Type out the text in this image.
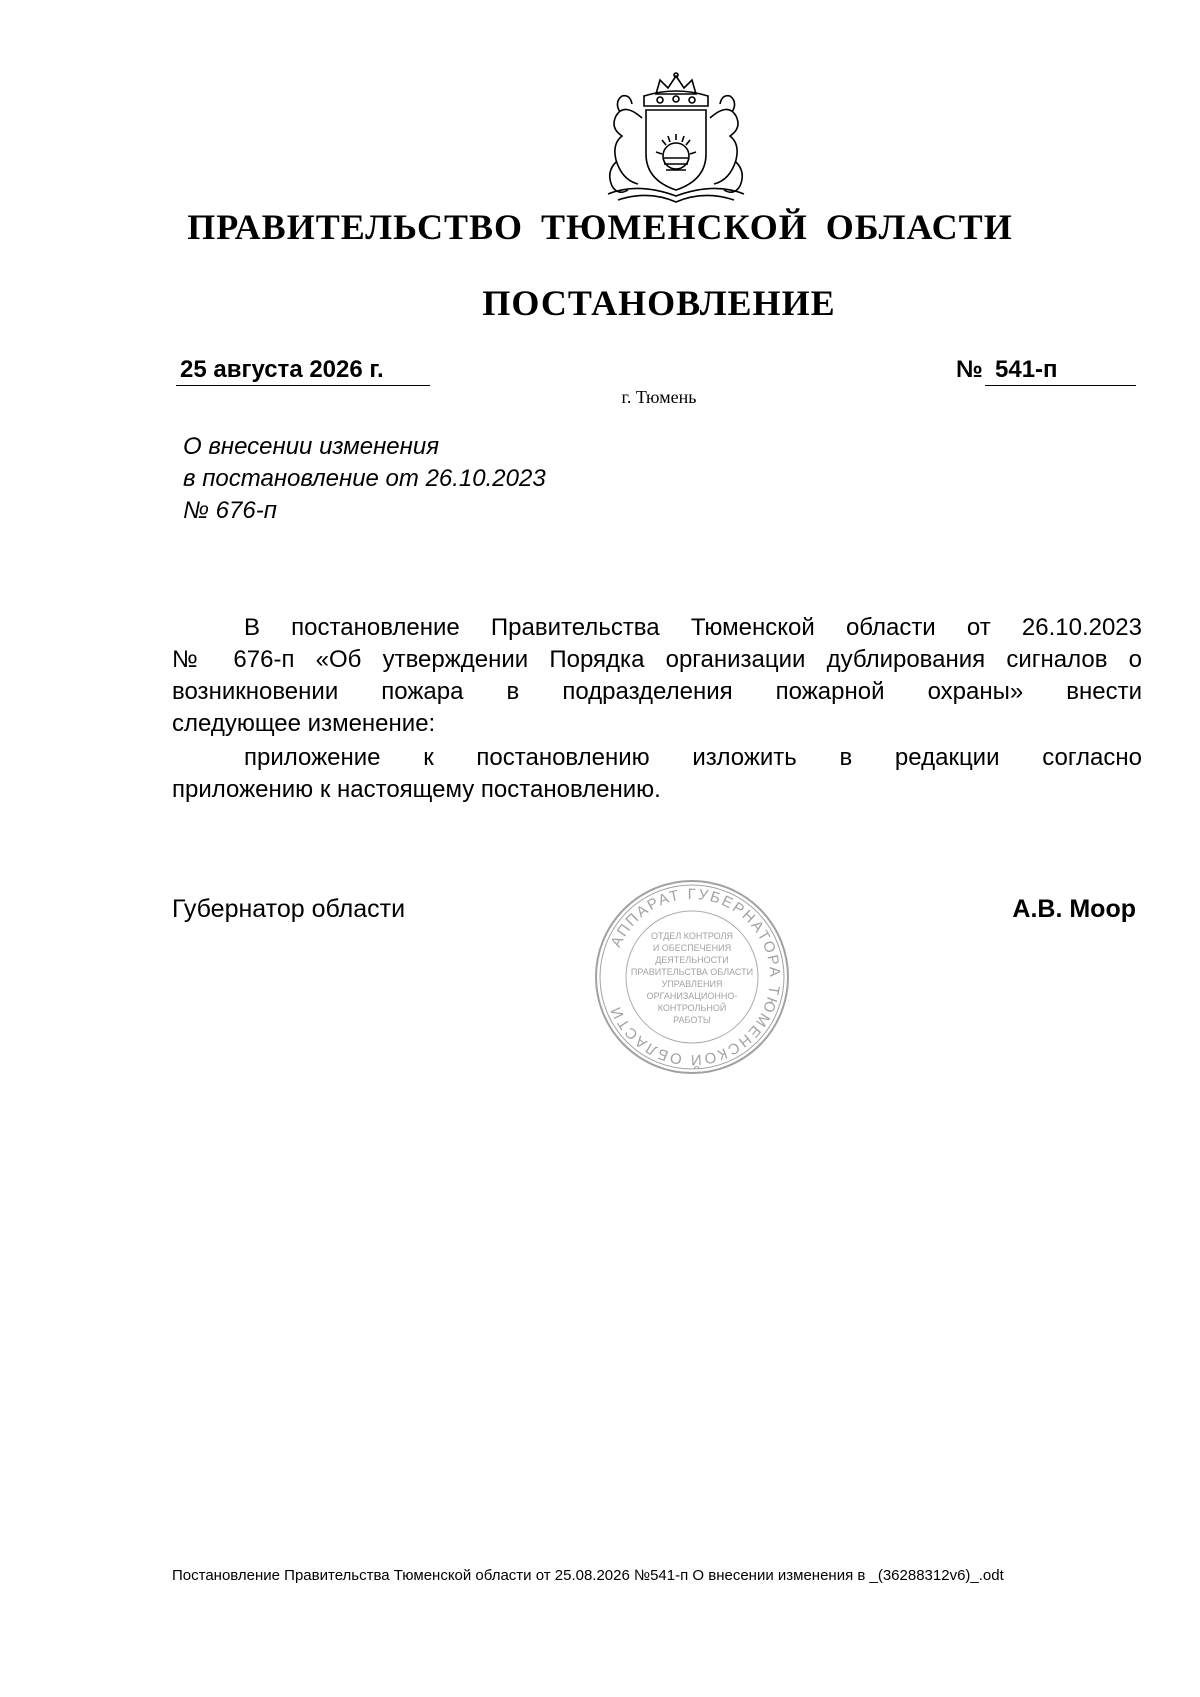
ПРАВИТЕЛЬСТВО ТЮМЕНСКОЙ ОБЛАСТИ
ПОСТАНОВЛЕНИЕ
25 августа 2026 г.	№ 541-п
г. Тюмень
О внесении изменения
в постановление от 26.10.2023
№ 676-п
В постановление Правительства Тюменской области от 26.10.2023
№ 676-п «Об утверждении Порядка организации дублирования сигналов о
возникновении пожара в подразделения пожарной охраны» внести
следующее изменение:
приложение к постановлению изложить в редакции согласно
приложению к настоящему постановлению.
Губернатор области	А.В. Моор
АППАРАТ ГУБЕРНАТОРА ТЮМЕНСКОЙ ОБЛАСТИ
ОТДЕЛ КОНТРОЛЯ
И ОБЕСПЕЧЕНИЯ
ДЕЯТЕЛЬНОСТИ
ПРАВИТЕЛЬСТВА ОБЛАСТИ
УПРАВЛЕНИЯ
ОРГАНИЗАЦИОННО-
КОНТРОЛЬНОЙ
РАБОТЫ
Постановление Правительства Тюменской области от 25.08.2026 №541-п О внесении изменения в _(36288312v6)_.odt
